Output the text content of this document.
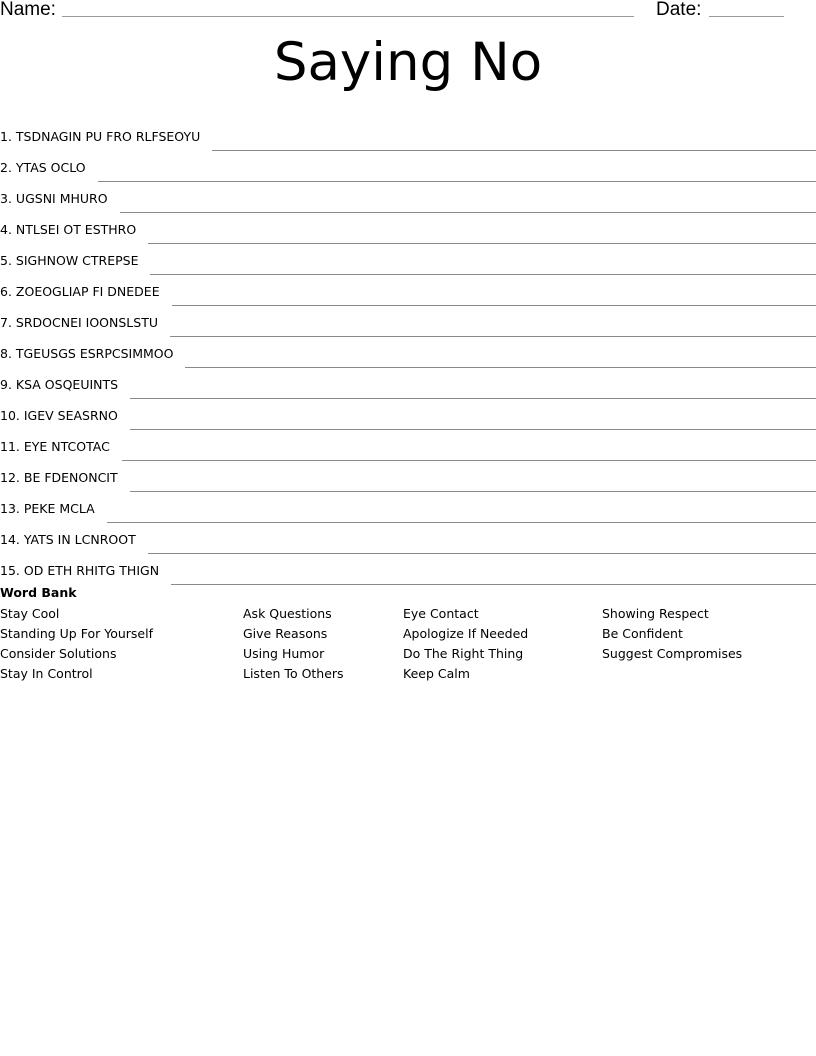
Name:	Date:
Saying No
1.
TSDNAGIN PU FRO RLFSEOYU
2.
YTAS OCLO
3.
UGSNI MHURO
4.
NTLSEI OT ESTHRO
5.
SIGHNOW CTREPSE
6.
ZOEOGLIAP FI DNEDEE
7.
SRDOCNEI IOONSLSTU
8.
TGEUSGS ESRPCSIMMOO
9.
KSA OSQEUINTS
10.
IGEV SEASRNO
11.
EYE NTCOTAC
12.
BE FDENONCIT
13.
PEKE MCLA
14.
YATS IN LCNROOT
15.
OD ETH RHITG THIGN
Word Bank
Stay Cool
Standing Up For Yourself
Consider Solutions
Stay In Control
Ask Questions
Give Reasons
Using Humor
Listen To Others
Eye Contact
Apologize If Needed
Do The Right Thing
Keep Calm
Showing Respect
Be Confident
Suggest Compromises
